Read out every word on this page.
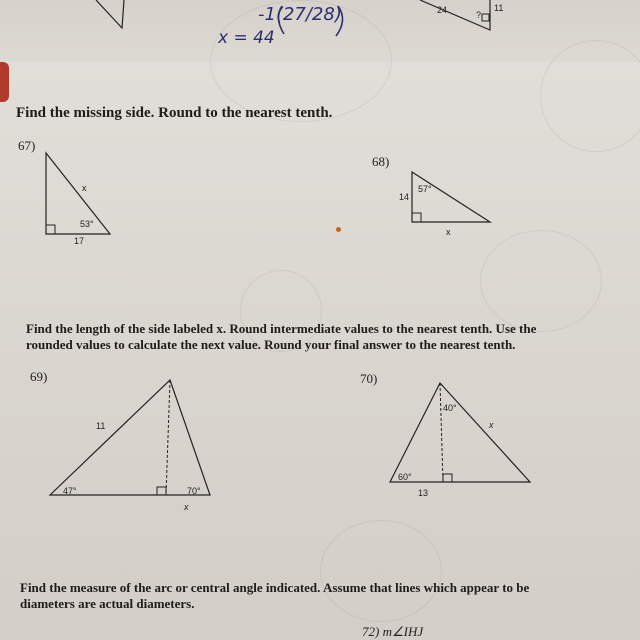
-1(27/28)
x = 44
24	?
11
Find the missing side. Round to the nearest tenth.
67)
x
53°
17
68)
57°
14
x
Find the length of the side labeled x. Round intermediate values to the nearest tenth. Use the
rounded values to calculate the next value. Round your final answer to the nearest tenth.
69)
11
47°	70°
x
70)
40°
x
60°
13
Find the measure of the arc or central angle indicated. Assume that lines which appear to be
diameters are actual diameters.
72) m∠IHJ
